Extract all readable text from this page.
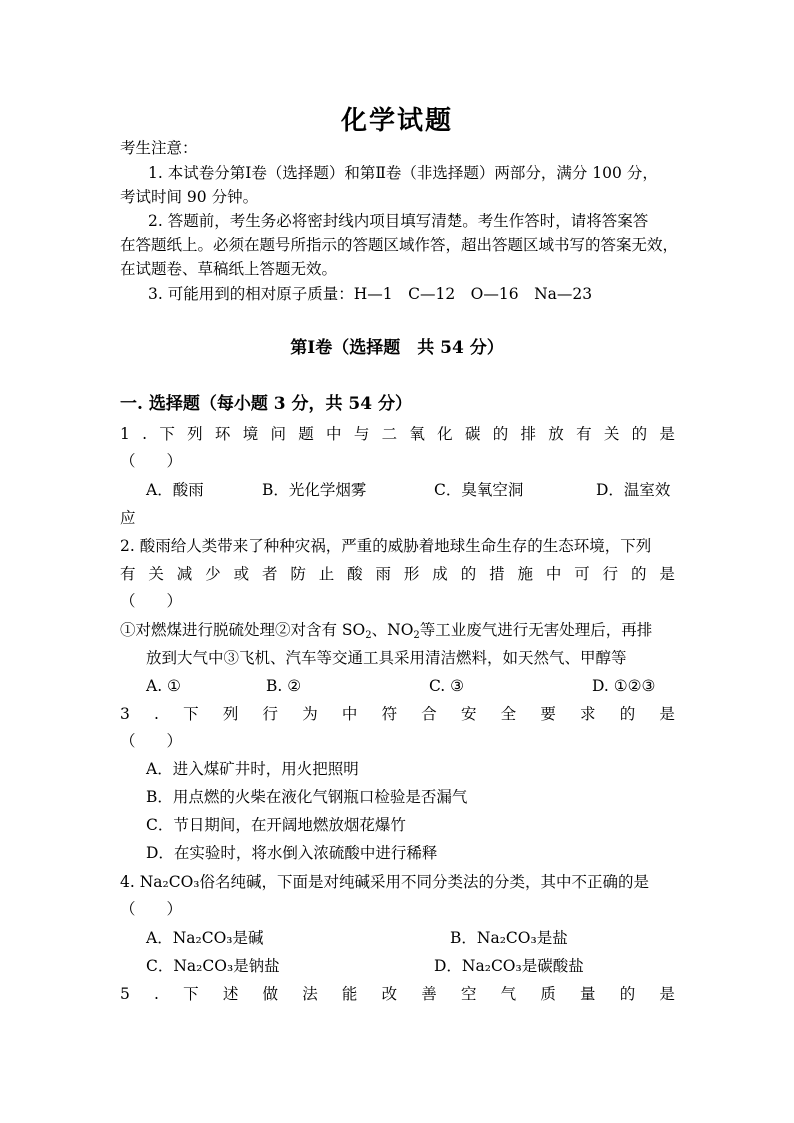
化学试题
考生注意：
1. 本试卷分第Ⅰ卷（选择题）和第Ⅱ卷（非选择题）两部分，满分 100 分，
考试时间 90 分钟。
2. 答题前，考生务必将密封线内项目填写清楚。考生作答时，请将答案答
在答题纸上。必须在题号所指示的答题区域作答，超出答题区域书写的答案无效，
在试题卷、草稿纸上答题无效。
3. 可能用到的相对原子质量：H—1　C—12　O—16　Na—23
第Ⅰ卷（选择题　共 54 分）
一. 选择题（每小题 3 分，共 54 分）
1 . 下 列 环 境 问 题 中 与 二 氧 化 碳 的 排 放 有 关 的 是
（　　）
A．酸雨	B．光化学烟雾	C．臭氧空洞	D．温室效
应
2. 酸雨给人类带来了种种灾祸，严重的威胁着地球生命生存的生态环境，下列
有 关 减 少 或 者 防 止 酸 雨 形 成 的 措 施 中 可 行 的 是
（　　）
①对燃煤进行脱硫处理②对含有 $SO_2$、$NO_2$等工业废气进行无害处理后，再排
放到大气中③飞机、汽车等交通工具采用清洁燃料，如天然气、甲醇等
A. ①	B. ②	C. ③	D. ①②③
3 . 下 列 行 为 中 符 合 安 全 要 求 的 是
（　　）
A．进入煤矿井时，用火把照明
B．用点燃的火柴在液化气钢瓶口检验是否漏气
C．节日期间，在开阔地燃放烟花爆竹
D．在实验时，将水倒入浓硫酸中进行稀释
4. Na₂CO₃俗名纯碱，下面是对纯碱采用不同分类法的分类，其中不正确的是
（　　）
A．Na₂CO₃是碱	B．Na₂CO₃是盐
C．Na₂CO₃是钠盐	D．Na₂CO₃是碳酸盐
5 . 下 述 做 法 能 改 善 空 气 质 量 的 是
